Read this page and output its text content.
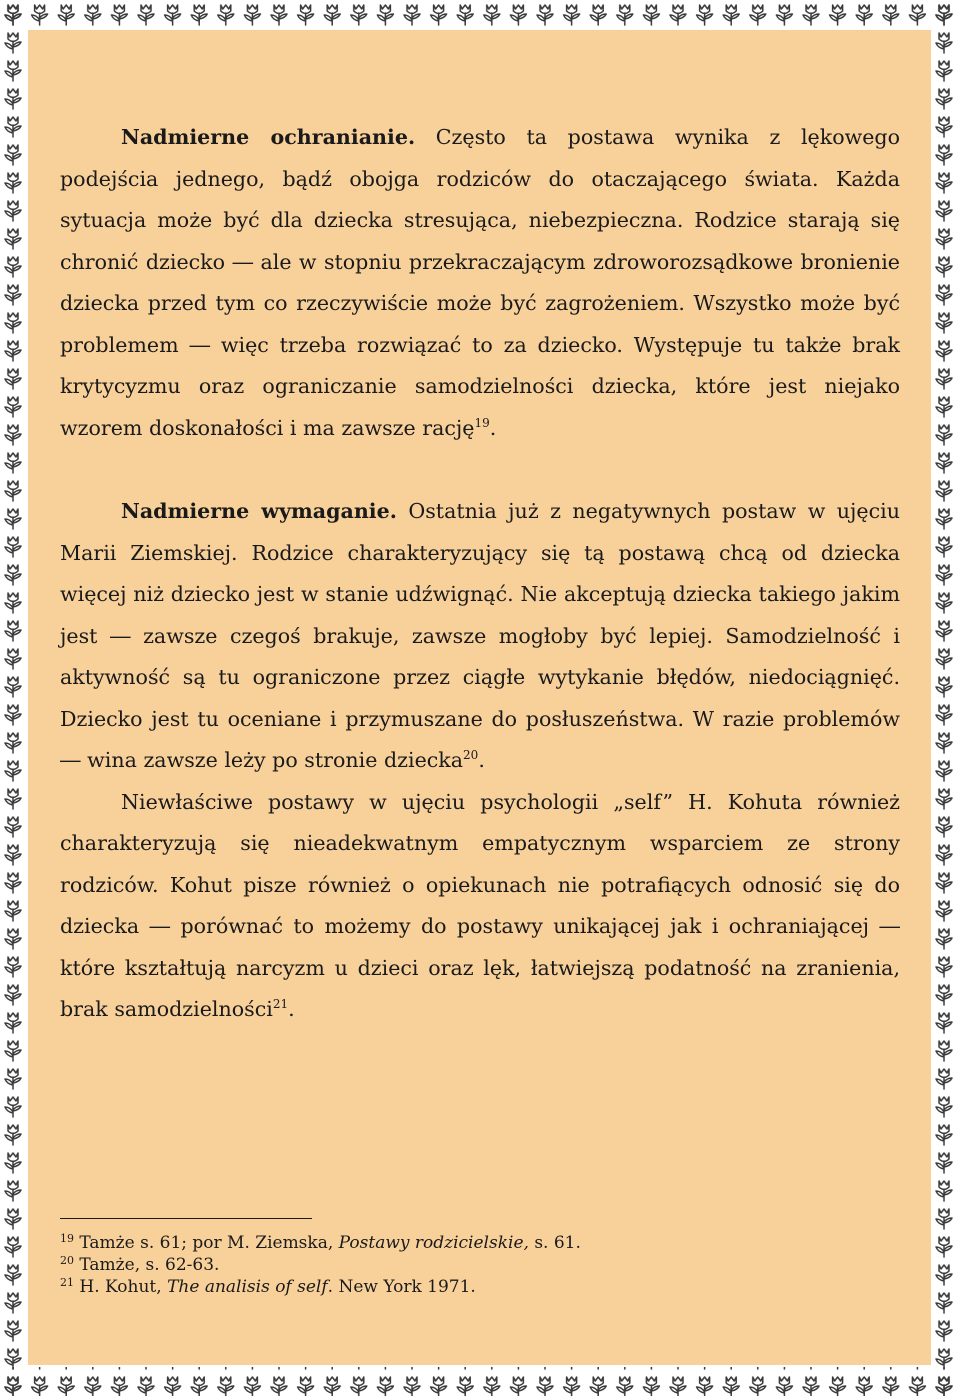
Nadmierne ochranianie. Często ta postawa wynika z lękowego podejścia jednego, bądź obojga rodziców do otaczającego świata. Każda sytuacja może być dla dziecka stresująca, niebezpieczna. Rodzice starają się chronić dziecko ― ale w stopniu przekraczającym zdroworozsądkowe bronienie dziecka przed tym co rzeczywiście może być zagrożeniem. Wszystko może być problemem ― więc trzeba rozwiązać to za dziecko. Występuje tu także brak krytycyzmu oraz ograniczanie samodzielności dziecka, które jest niejako wzorem doskonałości i ma zawsze rację$^{19}$.

Nadmierne wymaganie. Ostatnia już z negatywnych postaw w ujęciu Marii Ziemskiej. Rodzice charakteryzujący się tą postawą chcą od dziecka więcej niż dziecko jest w stanie udźwignąć. Nie akceptują dziecka takiego jakim jest ― zawsze czegoś brakuje, zawsze mogłoby być lepiej. Samodzielność i aktywność są tu ograniczone przez ciągłe wytykanie błędów, niedociągnięć. Dziecko jest tu oceniane i przymuszane do posłuszeństwa. W razie problemów ― wina zawsze leży po stronie dziecka$^{20}$.

Niewłaściwe postawy w ujęciu psychologii „self” H. Kohuta również charakteryzują się nieadekwatnym empatycznym wsparciem ze strony rodziców. Kohut pisze również o opiekunach nie potrafiących odnosić się do dziecka ― porównać to możemy do postawy unikającej jak i ochraniającej ― które kształtują narcyzm u dzieci oraz lęk, łatwiejszą podatność na zranienia, brak samodzielności$^{21}$.

$^{19}$ Tamże s. 61; por M. Ziemska, Postawy rodzicielskie, s. 61.

$^{20}$ Tamże, s. 62-63.

$^{21}$ H. Kohut, The analisis of self. New York 1971.
